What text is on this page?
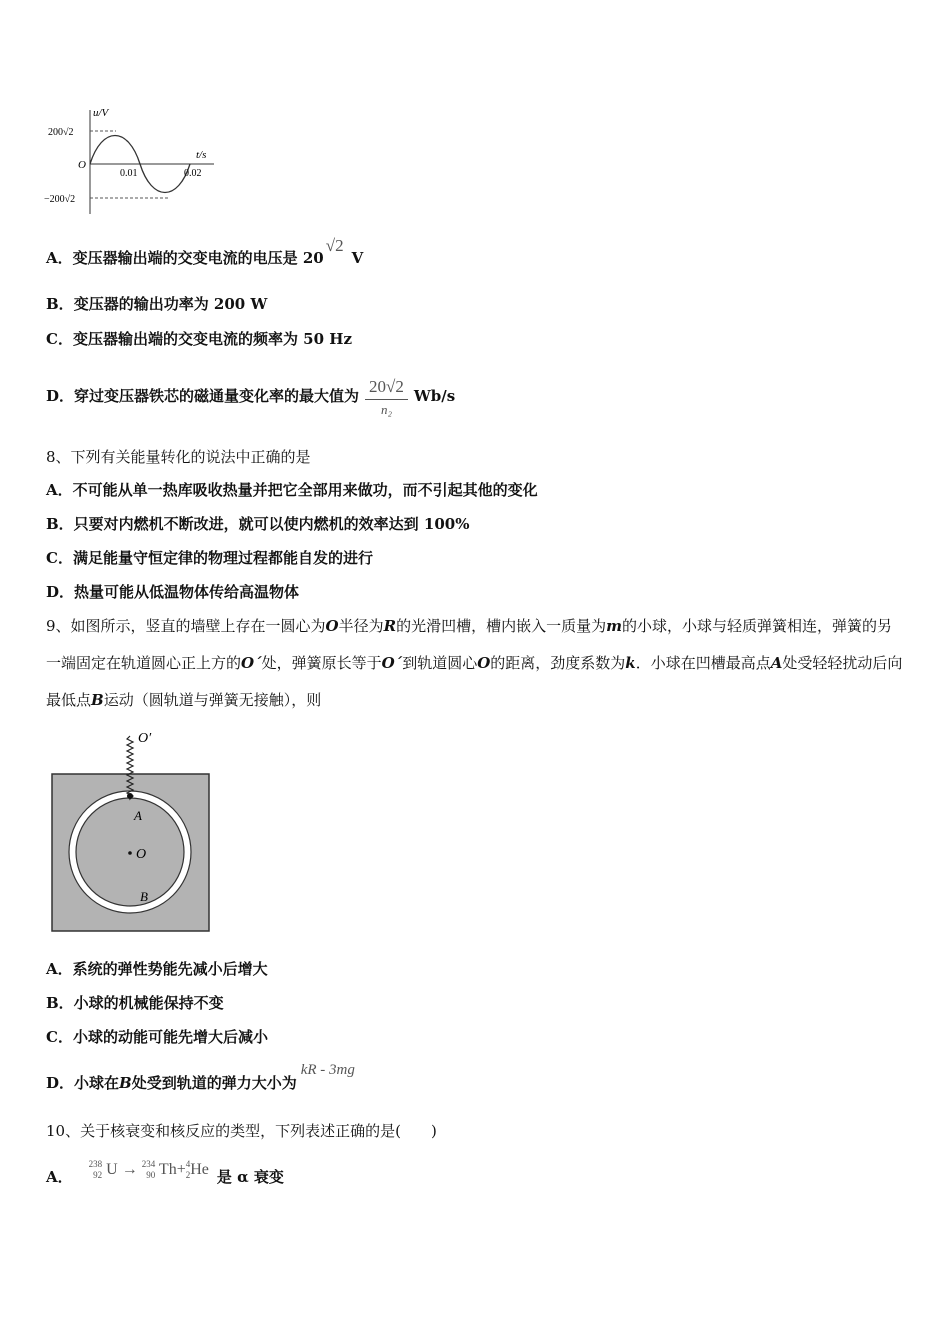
u/V
t/s
200√2
−200√2
O
0.01	0.02
A．变压器输出端的交变电流的电压是 20√2V
B．变压器的输出功率为 200 W
C．变压器输出端的交变电流的频率为 50 Hz
D．穿过变压器铁芯的磁通量变化率的最大值为 $\frac{20√2}{\text{n₂}} Wb/s$
8、下列有关能量转化的说法中正确的是
A．不可能从单一热库吸收热量并把它全部用来做功，而不引起其他的变化
B．只要对内燃机不断改进，就可以使内燃机的效率达到 100%
C．满足能量守恒定律的物理过程都能自发的进行
D．热量可能从低温物体传给高温物体
9、如图所示，竖直的墙壁上存在一圆心为O半径为R的光滑凹槽，槽内嵌入一质量为m的小球，小球与轻质弹簧相连，弹簧的另一端固定在轨道圆心正上方的O´处，弹簧原长等于O´到轨道圆心O的距离，劲度系数为k．小球在凹槽最高点A处受轻轻扰动后向最低点B运动（圆轨道与弹簧无接触），则
O′
A
O
B
A．系统的弹性势能先减小后增大
B．小球的机械能保持不变
C．小球的动能可能先增大后减小
D．小球在B处受到轨道的弹力大小为kR - 3mg
10、关于核衰变和核反应的类型，下列表述正确的是(　　)
A． 238
92 U → 234
90 Th+4
2He 是 α 衰变
